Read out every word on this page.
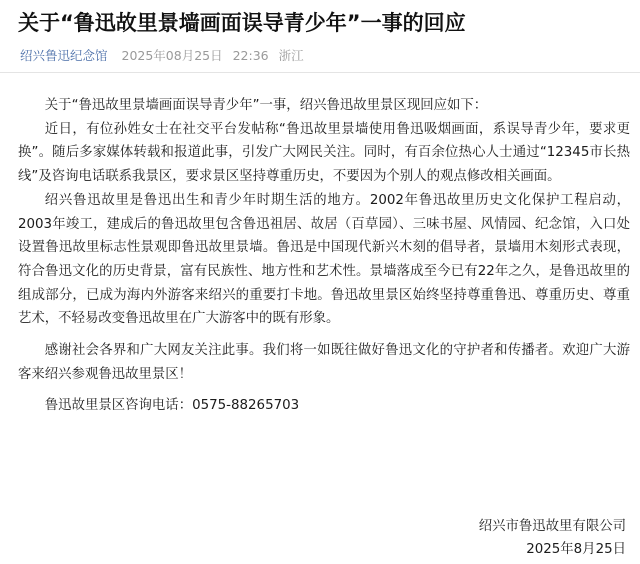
关于“鲁迅故里景墙画面误导青少年”一事的回应
绍兴鲁迅纪念馆 2025年08月25日 22:36 浙江

关于“鲁迅故里景墙画面误导青少年”一事，绍兴鲁迅故里景区现回应如下：

近日，有位孙姓女士在社交平台发帖称“鲁迅故里景墙使用鲁迅吸烟画面，系误导青少年，要求更换”。随后多家媒体转载和报道此事，引发广大网民关注。同时，有百余位热心人士通过“12345市长热线”及咨询电话联系我景区，要求景区坚持尊重历史，不要因为个别人的观点修改相关画面。

绍兴鲁迅故里是鲁迅出生和青少年时期生活的地方。2002年鲁迅故里历史文化保护工程启动，2003年竣工，建成后的鲁迅故里包含鲁迅祖居、故居（百草园）、三味书屋、风情园、纪念馆，入口处设置鲁迅故里标志性景观即鲁迅故里景墙。鲁迅是中国现代新兴木刻的倡导者，景墙用木刻形式表现，符合鲁迅文化的历史背景，富有民族性、地方性和艺术性。景墙落成至今已有22年之久，是鲁迅故里的组成部分，已成为海内外游客来绍兴的重要打卡地。鲁迅故里景区始终坚持尊重鲁迅、尊重历史、尊重艺术，不轻易改变鲁迅故里在广大游客中的既有形象。

感谢社会各界和广大网友关注此事。我们将一如既往做好鲁迅文化的守护者和传播者。欢迎广大游客来绍兴参观鲁迅故里景区！

鲁迅故里景区咨询电话：0575-88265703

绍兴市鲁迅故里有限公司
2025年8月25日
